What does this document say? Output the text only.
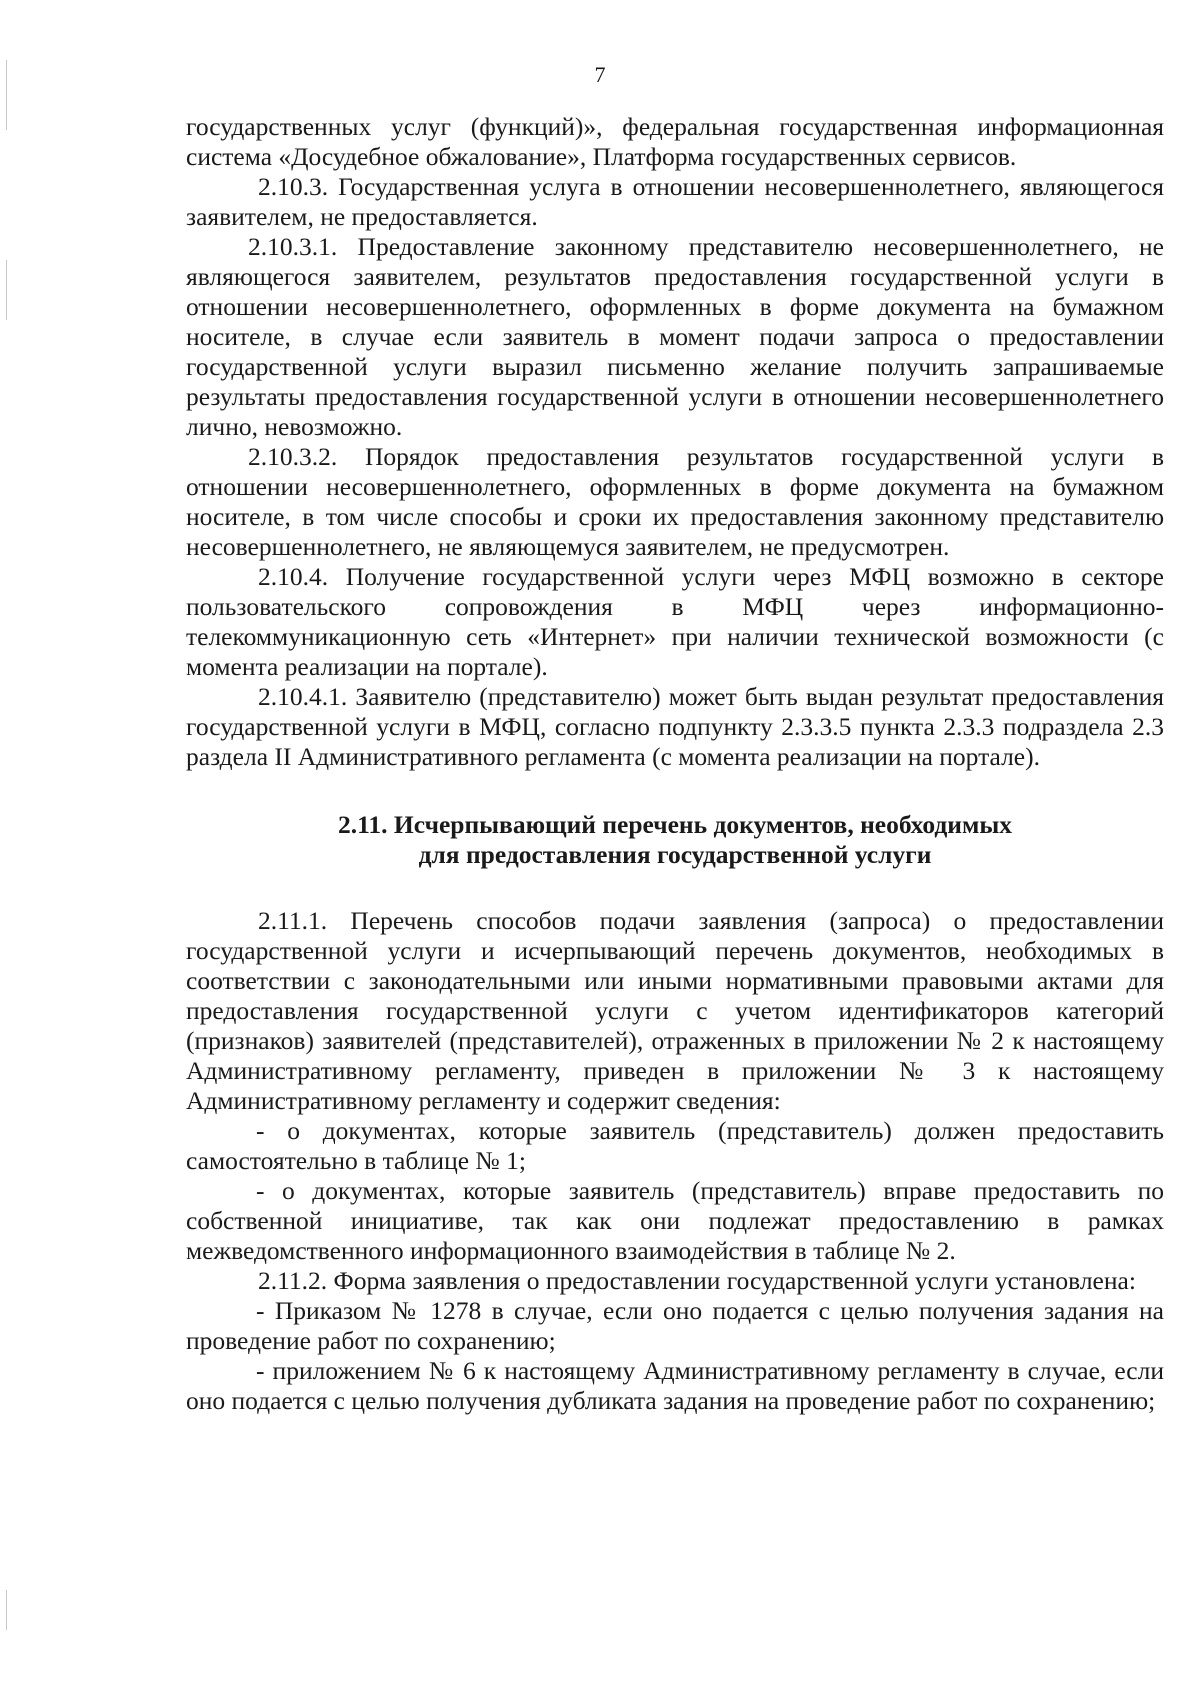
7

государственных услуг (функций)», федеральная государственная информационная система «Досудебное обжалование», Платформа государственных сервисов.

2.10.3. Государственная услуга в отношении несовершеннолетнего, являющегося заявителем, не предоставляется.

2.10.3.1. Предоставление законному представителю несовершеннолетнего, не являющегося заявителем, результатов предоставления государственной услуги в отношении несовершеннолетнего, оформленных в форме документа на бумажном носителе, в случае если заявитель в момент подачи запроса о предоставлении государственной услуги выразил письменно желание получить запрашиваемые результаты предоставления государственной услуги в отношении несовершеннолетнего лично, невозможно.

2.10.3.2. Порядок предоставления результатов государственной услуги в отношении несовершеннолетнего, оформленных в форме документа на бумажном носителе, в том числе способы и сроки их предоставления законному представителю несовершеннолетнего, не являющемуся заявителем, не предусмотрен.

2.10.4. Получение государственной услуги через МФЦ возможно в секторе пользовательского сопровождения в МФЦ через информационно-телекоммуникационную сеть «Интернет» при наличии технической возможности (с момента реализации на портале).

2.10.4.1. Заявителю (представителю) может быть выдан результат предоставления государственной услуги в МФЦ, согласно подпункту 2.3.3.5 пункта 2.3.3 подраздела 2.3 раздела II Административного регламента (с момента реализации на портале).

2.11. Исчерпывающий перечень документов, необходимых
для предоставления государственной услуги

2.11.1. Перечень способов подачи заявления (запроса) о предоставлении государственной услуги и исчерпывающий перечень документов, необходимых в соответствии с законодательными или иными нормативными правовыми актами для предоставления государственной услуги с учетом идентификаторов категорий (признаков) заявителей (представителей), отраженных в приложении № 2 к настоящему Административному регламенту, приведен в приложении № 3 к настоящему Административному регламенту и содержит сведения:

- о документах, которые заявитель (представитель) должен предоставить самостоятельно в таблице № 1;

- о документах, которые заявитель (представитель) вправе предоставить по собственной инициативе, так как они подлежат предоставлению в рамках межведомственного информационного взаимодействия в таблице № 2.

2.11.2. Форма заявления о предоставлении государственной услуги установлена:

- Приказом № 1278 в случае, если оно подается с целью получения задания на проведение работ по сохранению;

- приложением № 6 к настоящему Административному регламенту в случае, если оно подается с целью получения дубликата задания на проведение работ по сохранению;
